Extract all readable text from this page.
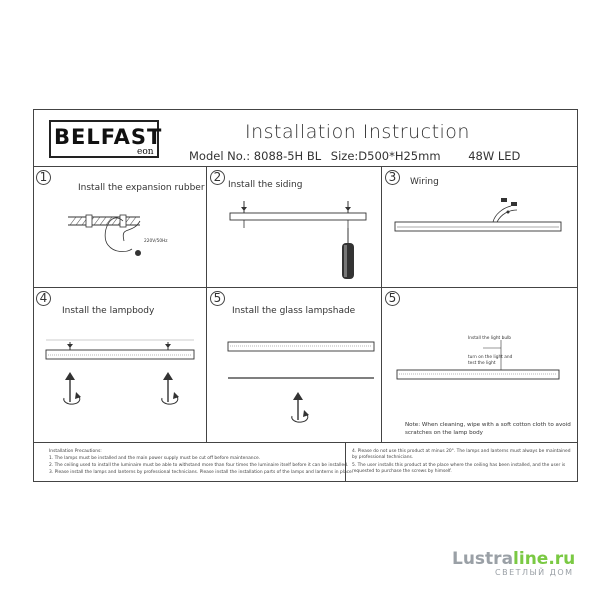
BELFAST
eon
Installation Instruction
Model No.: 8088-5H BL Size:D500*H25mm 48W LED
1	2	3
4	5	5
Install the expansion rubber	Install the siding	Wiring
Install the lampbody	Install the glass lampshade
220V/50Hz
Install the light bulb
turn on the light and
test the light
Note: When cleaning, wipe with a soft cotton cloth to avoid
scratches on the lamp body
Installation Precautions:
1. The lamps must be installed and the main power supply must be cut off before maintenance.
2. The ceiling used to install the luminaire must be able to withstand more than four times the luminaire itself before it can be installed.
3. Please install the lamps and lanterns by professional technicians. Please install the installation parts of the lamps and lanterns in place.
4. Please do not use this product at minus 20°. The lamps and lanterns must always be maintained
by professional technicians.
5. The user installs this product at the place where the ceiling has been installed, and the user is
requested to purchase the screws by himself.
Lustraline.ru
СВЕТЛЫЙ ДОМ
